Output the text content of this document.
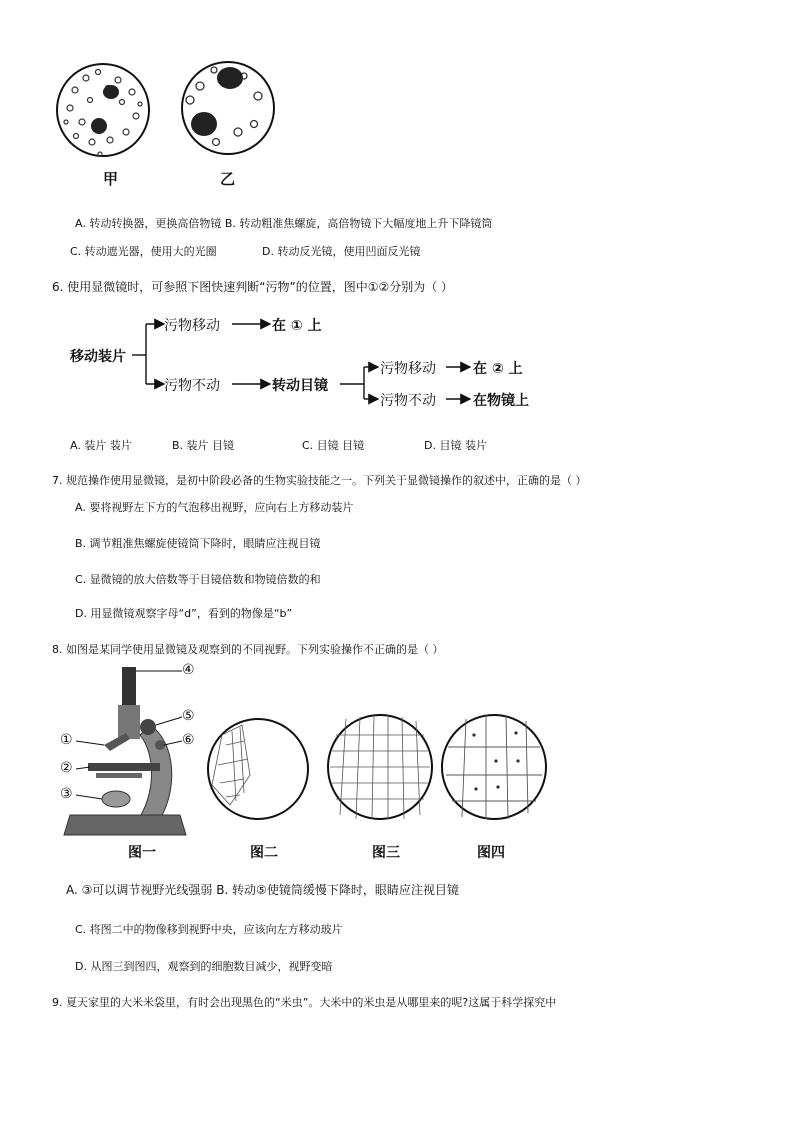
甲	乙
A. 转动转换器，更换高倍物镜 B. 转动粗准焦螺旋，高倍物镜下大幅度地上升下降镜筒
C. 转动遮光器，使用大的光圈	D. 转动反光镜，使用凹面反光镜
6. 使用显微镜时，可参照下图快速判断“污物”的位置，图中①②分别为（ ）
移动装片
污物移动	在 ① 上
污物不动	转动目镜
污物移动	在 ② 上
污物不动	在物镜上
A. 装片 装片	B. 装片 目镜	C. 目镜 目镜	D. 目镜 装片
7. 规范操作使用显微镜，是初中阶段必备的生物实验技能之一。下列关于显微镜操作的叙述中，正确的是（ ）
A. 要将视野左下方的气泡移出视野，应向右上方移动装片
B. 调节粗准焦螺旋使镜筒下降时，眼睛应注视目镜
C. 显微镜的放大倍数等于目镜倍数和物镜倍数的和
D. 用显微镜观察字母“d”，看到的物像是“b”
8. 如图是某同学使用显微镜及观察到的不同视野。下列实验操作不正确的是（ ）
④
⑤
⑥
①
②
③
图一	图二	图三	图四
A. ③可以调节视野光线强弱 B. 转动⑤使镜筒缓慢下降时，眼睛应注视目镜
C. 将图二中的物像移到视野中央，应该向左方移动玻片
D. 从图三到图四，观察到的细胞数目减少，视野变暗
9. 夏天家里的大米米袋里，有时会出现黑色的“米虫”。大米中的米虫是从哪里来的呢?这属于科学探究中
